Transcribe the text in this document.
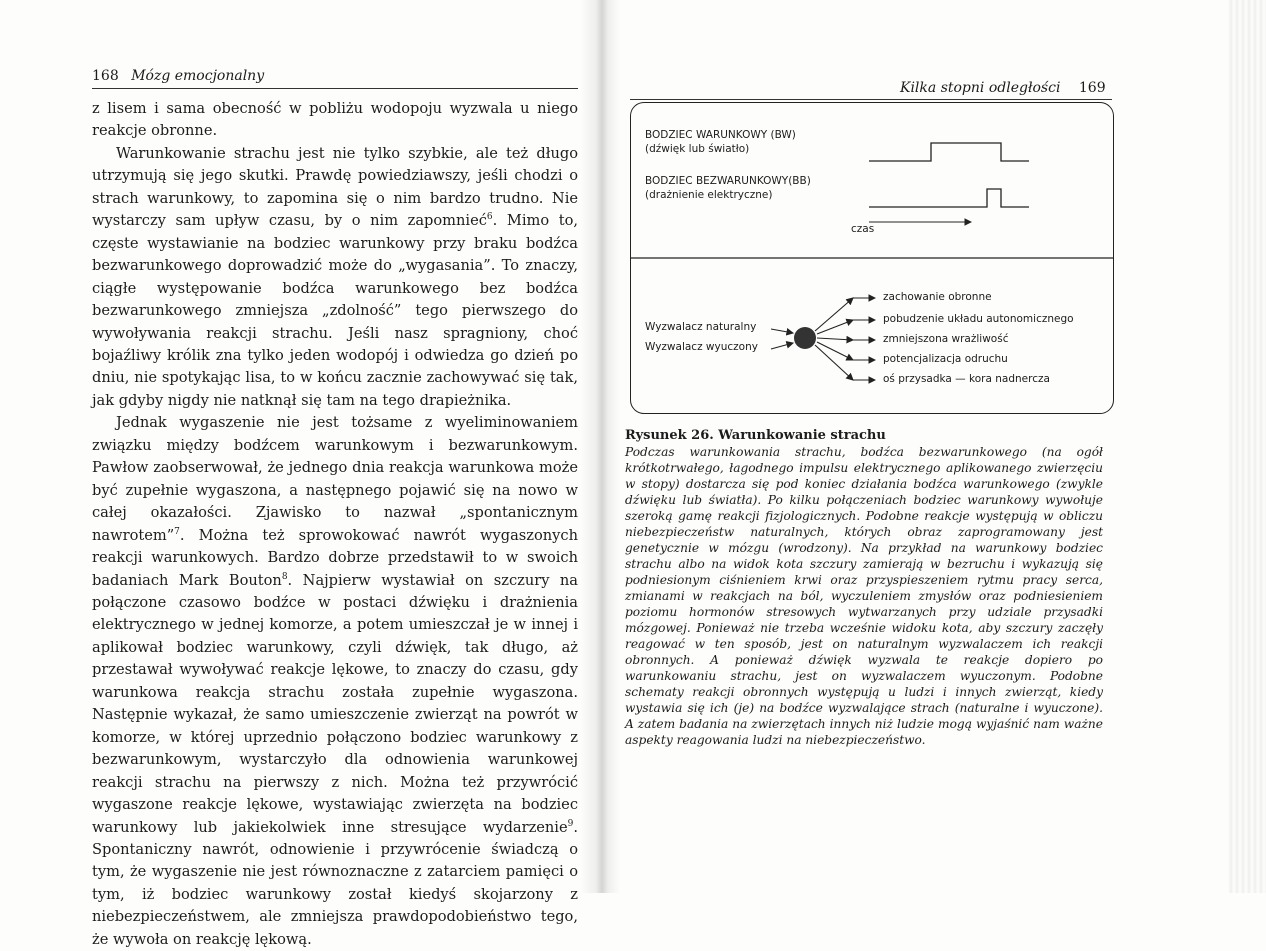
168 Mózg emocjonalny

z lisem i sama obecność w pobliżu wodopoju wyzwala u niego reakcje obronne.

Warunkowanie strachu jest nie tylko szybkie, ale też długo utrzymują się jego skutki. Prawdę powiedziawszy, jeśli chodzi o strach warunkowy, to zapomina się o nim bardzo trudno. Nie wystarczy sam upływ czasu, by o nim zapomnieć$^6$. Mimo to, częste wystawianie na bodziec warunkowy przy braku bodźca bezwarunkowego doprowadzić może do „wygasania”. To znaczy, ciągłe występowanie bodźca warunkowego bez bodźca bezwarunkowego zmniejsza „zdolność” tego pierwszego do wywoływania reakcji strachu. Jeśli nasz spragniony, choć bojaźliwy królik zna tylko jeden wodopój i odwiedza go dzień po dniu, nie spotykając lisa, to w końcu zacznie zachowywać się tak, jak gdyby nigdy nie natknął się tam na tego drapieżnika.

Jednak wygaszenie nie jest tożsame z wyeliminowaniem związku między bodźcem warunkowym i bezwarunkowym. Pawłow zaobserwował, że jednego dnia reakcja warunkowa może być zupełnie wygaszona, a następnego pojawić się na nowo w całej okazałości. Zjawisko to nazwał „spontanicznym nawrotem”$^7$. Można też sprowokować nawrót wygaszonych reakcji warunkowych. Bardzo dobrze przedstawił to w swoich badaniach Mark Bouton$^8$. Najpierw wystawiał on szczury na połączone czasowo bodźce w postaci dźwięku i drażnienia elektrycznego w jednej komorze, a potem umieszczał je w innej i aplikował bodziec warunkowy, czyli dźwięk, tak długo, aż przestawał wywoływać reakcje lękowe, to znaczy do czasu, gdy warunkowa reakcja strachu została zupełnie wygaszona. Następnie wykazał, że samo umieszczenie zwierząt na powrót w komorze, w której uprzednio połączono bodziec warunkowy z bezwarunkowym, wystarczyło dla odnowienia warunkowej reakcji strachu na pierwszy z nich. Można też przywrócić wygaszone reakcje lękowe, wystawiając zwierzęta na bodziec warunkowy lub jakiekolwiek inne stresujące wydarzenie$^9$. Spontaniczny nawrót, odnowienie i przywrócenie świadczą o tym, że wygaszenie nie jest równoznaczne z zatarciem pamięci o tym, iż bodziec warunkowy został kiedyś skojarzony z niebezpieczeństwem, ale zmniejsza prawdopodobieństwo tego, że wywoła on reakcję lękową.

Kilka stopni odległości 169
BODZIEC WARUNKOWY (BW)
(dźwięk lub światło)
BODZIEC BEZWARUNKOWY(BB)
(drażnienie elektryczne)
czas
Wyzwalacz naturalny
Wyzwalacz wyuczony
zachowanie obronne
pobudzenie układu autonomicznego
zmniejszona wrażliwość
potencjalizacja odruchu
oś przysadka — kora nadnercza
Rysunek 26. Warunkowanie strachu
Podczas warunkowania strachu, bodźca bezwarunkowego (na ogół krótkotrwałego, łagodnego impulsu elektrycznego aplikowanego zwierzęciu w stopy) dostarcza się pod koniec działania bodźca warunkowego (zwykle dźwięku lub światła). Po kilku połączeniach bodziec warunkowy wywołuje szeroką gamę reakcji fizjologicznych. Podobne reakcje występują w obliczu niebezpieczeństw naturalnych, których obraz zaprogramowany jest genetycznie w mózgu (wrodzony). Na przykład na warunkowy bodziec strachu albo na widok kota szczury zamierają w bezruchu i wykazują się podniesionym ciśnieniem krwi oraz przyspieszeniem rytmu pracy serca, zmianami w reakcjach na ból, wyczuleniem zmysłów oraz podniesieniem poziomu hormonów stresowych wytwarzanych przy udziale przysadki mózgowej. Ponieważ nie trzeba wcześnie widoku kota, aby szczury zaczęły reagować w ten sposób, jest on naturalnym wyzwalaczem ich reakcji obronnych. A ponieważ dźwięk wyzwala te reakcje dopiero po warunkowaniu strachu, jest on wyzwalaczem wyuczonym. Podobne schematy reakcji obronnych występują u ludzi i innych zwierząt, kiedy wystawia się ich (je) na bodźce wyzwalające strach (naturalne i wyuczone). A zatem badania na zwierzętach innych niż ludzie mogą wyjaśnić nam ważne aspekty reagowania ludzi na niebezpieczeństwo.
